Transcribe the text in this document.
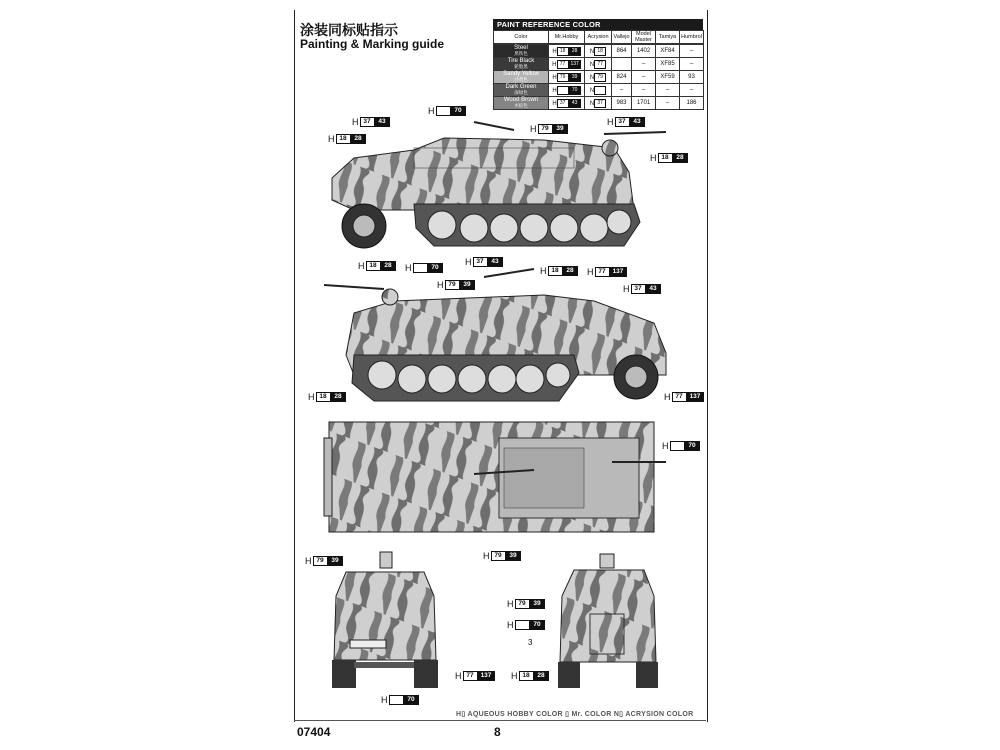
涂装同标贴指示
Painting & Marking guide
PAINT REFERENCE COLOR
Color	Mr.Hobby	Acrysion	Vallejo	Model Master	Tamiya	Humbrol
Steel
黑铁色	H 18 28	N 18	864	1402	XF84	–
Tire Black
轮胎黑	H 77 137	N 77		–	XF85	–
Sandy Yellow
沙黄色	H 79 39	N 79	824	–	XF59	93
Dark Green
深绿色	H 70	N	–	–	–	–
Wood Brown
木棕色	H 37 43	N 37	983	1701	–	186
H	70
H 37	43
H 79	39
H 18	28
H 37	43
H 18	28
H 77	137
H 18	28	H	70
H 37	43
H 18	28
H 79	39	H 37	43
H 18	28	H 77	137
H	70
H 79	39
H 79	39
H 79	39
H	70
3
H 77	137	H 18	28
H	70
H▯ AQUEOUS HOBBY COLOR ▯ Mr. COLOR N▯ ACRYSION COLOR
07404	8
